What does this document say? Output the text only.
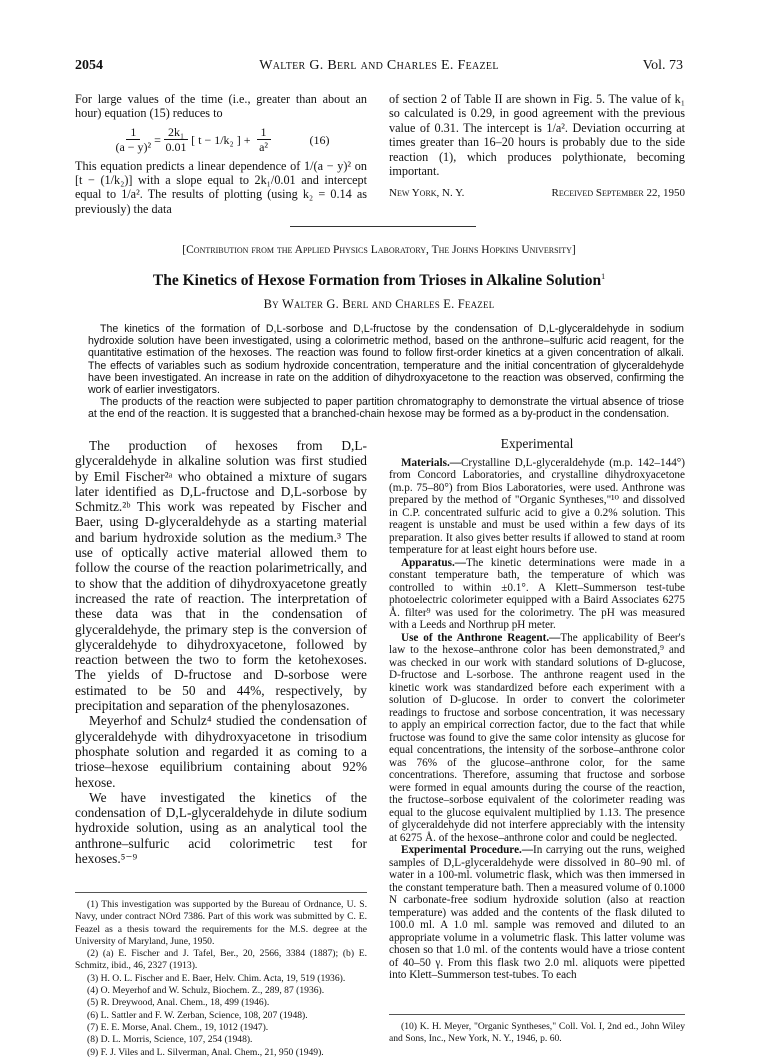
2054	Walter G. Berl and Charles E. Feazel	Vol. 73
For large values of the time (i.e., greater than about an hour) equation (15) reduces to
$\frac{1}{\text{(a − y)²}} = \frac{\text{2k₁}}{0.01}$ [ t − 1/k₂ ] + $\frac{1}{\text{a²}}$	(16)
This equation predicts a linear dependence of 1/(a − y)² on [t − (1/k₂)] with a slope equal to 2k₁/0.01 and intercept equal to 1/a². The results of plotting (using k₂ = 0.14 as previously) the data
of section 2 of Table II are shown in Fig. 5. The value of k₁ so calculated is 0.29, in good agreement with the previous value of 0.31. The intercept is 1/a². Deviation occurring at times greater than 16–20 hours is probably due to the side reaction (1), which produces polythionate, becoming important.
New York, N. Y.	Received September 22, 1950
[Contribution from the Applied Physics Laboratory, The Johns Hopkins University]
The Kinetics of Hexose Formation from Trioses in Alkaline Solution$^1$
By Walter G. Berl and Charles E. Feazel

The kinetics of the formation of D,L-sorbose and D,L-fructose by the condensation of D,L-glyceraldehyde in sodium hydroxide solution have been investigated, using a colorimetric method, based on the anthrone–sulfuric acid reagent, for the quantitative estimation of the hexoses. The reaction was found to follow first-order kinetics at a given concentration of alkali. The effects of variables such as sodium hydroxide concentration, temperature and the initial concentration of glyceraldehyde have been investigated. An increase in rate on the addition of dihydroxyacetone to the reaction was observed, confirming the work of earlier investigators.

The products of the reaction were subjected to paper partition chromatography to demonstrate the virtual absence of triose at the end of the reaction. It is suggested that a branched-chain hexose may be formed as a by-product in the condensation.

The production of hexoses from D,L-glyceraldehyde in alkaline solution was first studied by Emil Fischer²ᵃ who obtained a mixture of sugars later identified as D,L-fructose and D,L-sorbose by Schmitz.²ᵇ This work was repeated by Fischer and Baer, using D-glyceraldehyde as a starting material and barium hydroxide solution as the medium.³ The use of optically active material allowed them to follow the course of the reaction polarimetrically, and to show that the addition of dihydroxyacetone greatly increased the rate of reaction. The interpretation of these data was that in the condensation of glyceraldehyde, the primary step is the conversion of glyceraldehyde to dihydroxyacetone, followed by reaction between the two to form the ketohexoses. The yields of D-fructose and D-sorbose were estimated to be 50 and 44%, respectively, by precipitation and separation of the phenylosazones.

Meyerhof and Schulz⁴ studied the condensation of glyceraldehyde with dihydroxyacetone in trisodium phosphate solution and regarded it as coming to a triose–hexose equilibrium containing about 92% hexose.

We have investigated the kinetics of the condensation of D,L-glyceraldehyde in dilute sodium hydroxide solution, using as an analytical tool the anthrone–sulfuric acid colorimetric test for hexoses.⁵⁻⁹

(1) This investigation was supported by the Bureau of Ordnance, U. S. Navy, under contract NOrd 7386. Part of this work was submitted by C. E. Feazel as a thesis toward the requirements for the M.S. degree at the University of Maryland, June, 1950.
(2) (a) E. Fischer and J. Tafel, Ber., 20, 2566, 3384 (1887); (b) E. Schmitz, ibid., 46, 2327 (1913).
(3) H. O. L. Fischer and E. Baer, Helv. Chim. Acta, 19, 519 (1936).
(4) O. Meyerhof and W. Schulz, Biochem. Z., 289, 87 (1936).
(5) R. Dreywood, Anal. Chem., 18, 499 (1946).
(6) L. Sattler and F. W. Zerban, Science, 108, 207 (1948).
(7) E. E. Morse, Anal. Chem., 19, 1012 (1947).
(8) D. L. Morris, Science, 107, 254 (1948).
(9) F. J. Viles and L. Silverman, Anal. Chem., 21, 950 (1949).
Experimental

Materials.—Crystalline D,L-glyceraldehyde (m.p. 142–144°) from Concord Laboratories, and crystalline dihydroxyacetone (m.p. 75–80°) from Bios Laboratories, were used. Anthrone was prepared by the method of "Organic Syntheses,"¹⁰ and dissolved in C.P. concentrated sulfuric acid to give a 0.2% solution. This reagent is unstable and must be used within a few days of its preparation. It also gives better results if allowed to stand at room temperature for at least eight hours before use.

Apparatus.—The kinetic determinations were made in a constant temperature bath, the temperature of which was controlled to within ±0.1°. A Klett–Summerson test-tube photoelectric colorimeter equipped with a Baird Associates 6275 Å. filter⁹ was used for the colorimetry. The pH was measured with a Leeds and Northrup pH meter.

Use of the Anthrone Reagent.—The applicability of Beer's law to the hexose–anthrone color has been demonstrated,⁹ and was checked in our work with standard solutions of D-glucose, D-fructose and L-sorbose. The anthrone reagent used in the kinetic work was standardized before each experiment with a solution of D-glucose. In order to convert the colorimeter readings to fructose and sorbose concentration, it was necessary to apply an empirical correction factor, due to the fact that while fructose was found to give the same color intensity as glucose for equal concentrations, the intensity of the sorbose–anthrone color was 76% of the glucose–anthrone color, for the same concentrations. Therefore, assuming that fructose and sorbose were formed in equal amounts during the course of the reaction, the fructose–sorbose equivalent of the colorimeter reading was equal to the glucose equivalent multiplied by 1.13. The presence of glyceraldehyde did not interfere appreciably with the intensity at 6275 Å. of the hexose–anthrone color and could be neglected.

Experimental Procedure.—In carrying out the runs, weighed samples of D,L-glyceraldehyde were dissolved in 80–90 ml. of water in a 100-ml. volumetric flask, which was then immersed in the constant temperature bath. Then a measured volume of 0.1000 N carbonate-free sodium hydroxide solution (also at reaction temperature) was added and the contents of the flask diluted to 100.0 ml. A 1.0 ml. sample was removed and diluted to an appropriate volume in a volumetric flask. This latter volume was chosen so that 1.0 ml. of the contents would have a triose content of 40–50 γ. From this flask two 2.0 ml. aliquots were pipetted into Klett–Summerson test-tubes. To each

(10) K. H. Meyer, "Organic Syntheses," Coll. Vol. I, 2nd ed., John Wiley and Sons, Inc., New York, N. Y., 1946, p. 60.
